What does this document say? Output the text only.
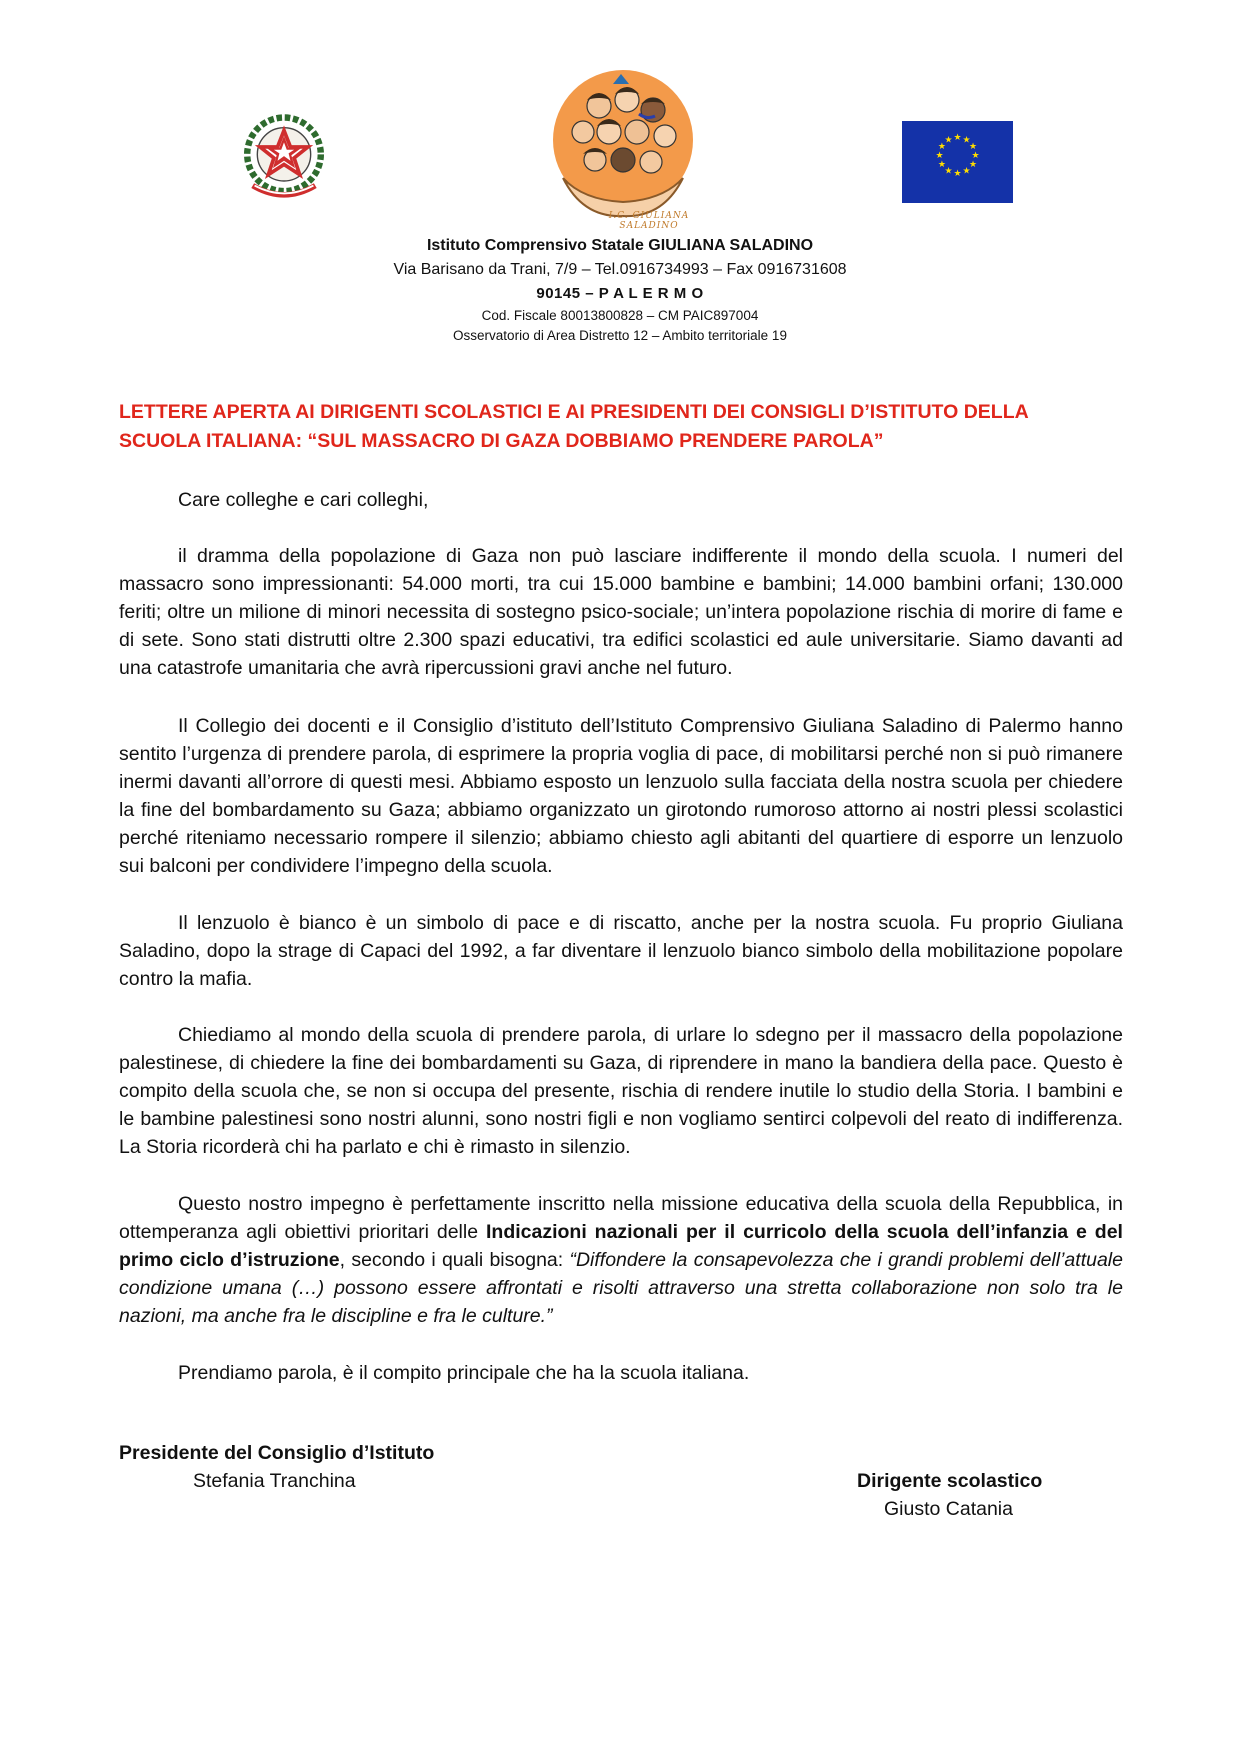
I.C. GIULIANA SALADINO
★ ★
★
★
★
★
★
★
★
★
★
★
Istituto Comprensivo Statale GIULIANA SALADINO
Via Barisano da Trani, 7/9 – Tel.0916734993 – Fax 0916731608
90145 – P A L E R M O
Cod. Fiscale 80013800828 – CM PAIC897004
Osservatorio di Area Distretto 12 – Ambito territoriale 19
LETTERE APERTA AI DIRIGENTI SCOLASTICI E AI PRESIDENTI DEI CONSIGLI D’ISTITUTO DELLA
SCUOLA ITALIANA: “SUL MASSACRO DI GAZA DOBBIAMO PRENDERE PAROLA”

Care colleghe e cari colleghi,

il dramma della popolazione di Gaza non può lasciare indifferente il mondo della scuola. I numeri del massacro sono impressionanti: 54.000 morti, tra cui 15.000 bambine e bambini; 14.000 bambini orfani; 130.000 feriti; oltre un milione di minori necessita di sostegno psico-sociale; un’intera popolazione rischia di morire di fame e di sete. Sono stati distrutti oltre 2.300 spazi educativi, tra edifici scolastici ed aule universitarie. Siamo davanti ad una catastrofe umanitaria che avrà ripercussioni gravi anche nel futuro.

Il Collegio dei docenti e il Consiglio d’istituto dell’Istituto Comprensivo Giuliana Saladino di Palermo hanno sentito l’urgenza di prendere parola, di esprimere la propria voglia di pace, di mobilitarsi perché non si può rimanere inermi davanti all’orrore di questi mesi. Abbiamo esposto un lenzuolo sulla facciata della nostra scuola per chiedere la fine del bombardamento su Gaza; abbiamo organizzato un girotondo rumoroso attorno ai nostri plessi scolastici perché riteniamo necessario rompere il silenzio; abbiamo chiesto agli abitanti del quartiere di esporre un lenzuolo sui balconi per condividere l’impegno della scuola.

Il lenzuolo è bianco è un simbolo di pace e di riscatto, anche per la nostra scuola. Fu proprio Giuliana Saladino, dopo la strage di Capaci del 1992, a far diventare il lenzuolo bianco simbolo della mobilitazione popolare contro la mafia.

Chiediamo al mondo della scuola di prendere parola, di urlare lo sdegno per il massacro della popolazione palestinese, di chiedere la fine dei bombardamenti su Gaza, di riprendere in mano la bandiera della pace. Questo è compito della scuola che, se non si occupa del presente, rischia di rendere inutile lo studio della Storia. I bambini e le bambine palestinesi sono nostri alunni, sono nostri figli e non vogliamo sentirci colpevoli del reato di indifferenza. La Storia ricorderà chi ha parlato e chi è rimasto in silenzio.

Questo nostro impegno è perfettamente inscritto nella missione educativa della scuola della Repubblica, in ottemperanza agli obiettivi prioritari delle Indicazioni nazionali per il curricolo della scuola dell’infanzia e del primo ciclo d’istruzione, secondo i quali bisogna: “Diffondere la consapevolezza che i grandi problemi dell’attuale condizione umana (…) possono essere affrontati e risolti attraverso una stretta collaborazione non solo tra le nazioni, ma anche fra le discipline e fra le culture.”

Prendiamo parola, è il compito principale che ha la scuola italiana.

Presidente del Consiglio d’Istituto
Stefania Tranchina	Dirigente scolastico
Giusto Catania
